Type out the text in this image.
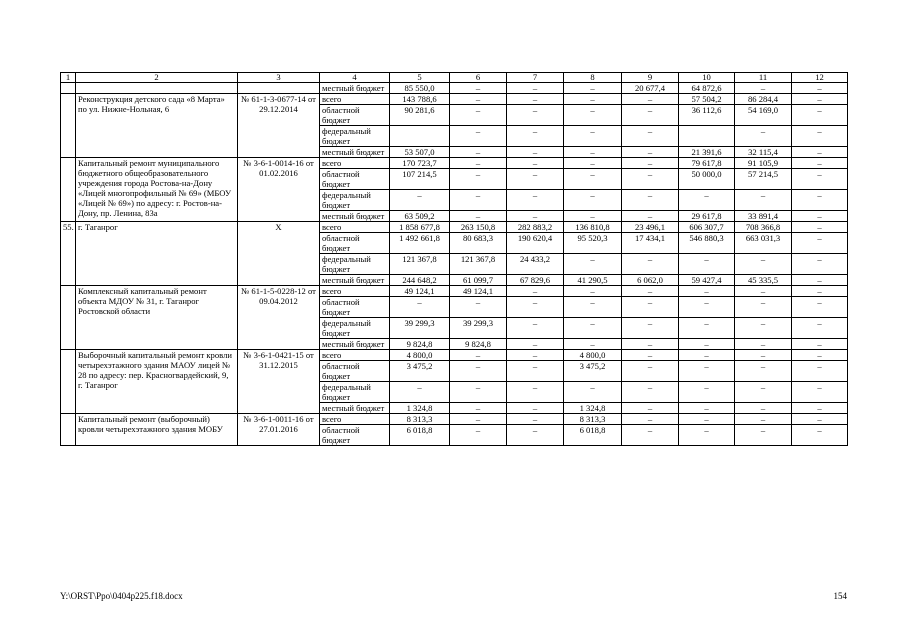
1	2	3	4	5	6	7	8	9	10	11	12
			местный бюджет	85 550,0	–	–	–	20 677,4	64 872,6	–	–
	Реконструкция детского сада «8 Марта» по ул. Нижне-Нольная, 6	№ 61-1-3-0677-14 от 29.12.2014	всего	143 788,6	–	–	–	–	57 504,2	86 284,4	–
			областной бюджет	90 281,6	–	–	–	–	36 112,6	54 169,0	–
			федеральный бюджет		–	–	–	–		–	–
			местный бюджет	53 507,0	–	–	–	–	21 391,6	32 115,4	–
	Капитальный ремонт муниципального бюджетного общеобразовательного учреждения города Ростова-на-Дону «Лицей многопрофильный № 69» (МБОУ «Лицей № 69») по адресу: г. Ростов-на-Дону, пр. Ленина, 83а	№ 3-6-1-0014-16 от 01.02.2016	всего	170 723,7	–	–	–	–	79 617,8	91 105,9	–
			областной бюджет	107 214,5	–	–	–	–	50 000,0	57 214,5	–
			федеральный бюджет	–	–	–	–	–	–	–	–
			местный бюджет	63 509,2	–	–	–	–	29 617,8	33 891,4	–
55.	г. Таганрог	Х	всего	1 858 677,8	263 150,8	282 883,2	136 810,8	23 496,1	606 307,7	708 366,8	–
			областной бюджет	1 492 661,8	80 683,3	190 620,4	95 520,3	17 434,1	546 880,3	663 031,3	–
			федеральный бюджет	121 367,8	121 367,8	24 433,2	–	–	–	–	–
			местный бюджет	244 648,2	61 099,7	67 829,6	41 290,5	6 062,0	59 427,4	45 335,5	–
	Комплексный капитальный ремонт объекта МДОУ № 31, г. Таганрог Ростовской области	№ 61-1-5-0228-12 от 09.04.2012	всего	49 124,1	49 124,1	–	–	–	–	–	–
			областной бюджет	–	–	–	–	–	–	–	–
			федеральный бюджет	39 299,3	39 299,3	–	–	–	–	–	–
			местный бюджет	9 824,8	9 824,8	–	–	–	–	–	–
	Выборочный капитальный ремонт кровли четырехэтажного здания МАОУ лицей № 28 по адресу: пер. Красногвардейский, 9, г. Таганрог	№ 3-6-1-0421-15 от 31.12.2015	всего	4 800,0	–	–	4 800,0	–	–	–	–
			областной бюджет	3 475,2	–	–	3 475,2	–	–	–	–
			федеральный бюджет	–	–	–	–	–	–	–	–
			местный бюджет	1 324,8	–	–	1 324,8	–	–	–	–
	Капитальный ремонт (выборочный) кровли четырехэтажного здания МОБУ	№ 3-6-1-0011-16 от 27.01.2016	всего	8 313,3	–	–	8 313,3	–	–	–	–
			областной бюджет	6 018,8	–	–	6 018,8	–	–	–	–
Y:\ORST\Ppo\0404p225.f18.docx	154
